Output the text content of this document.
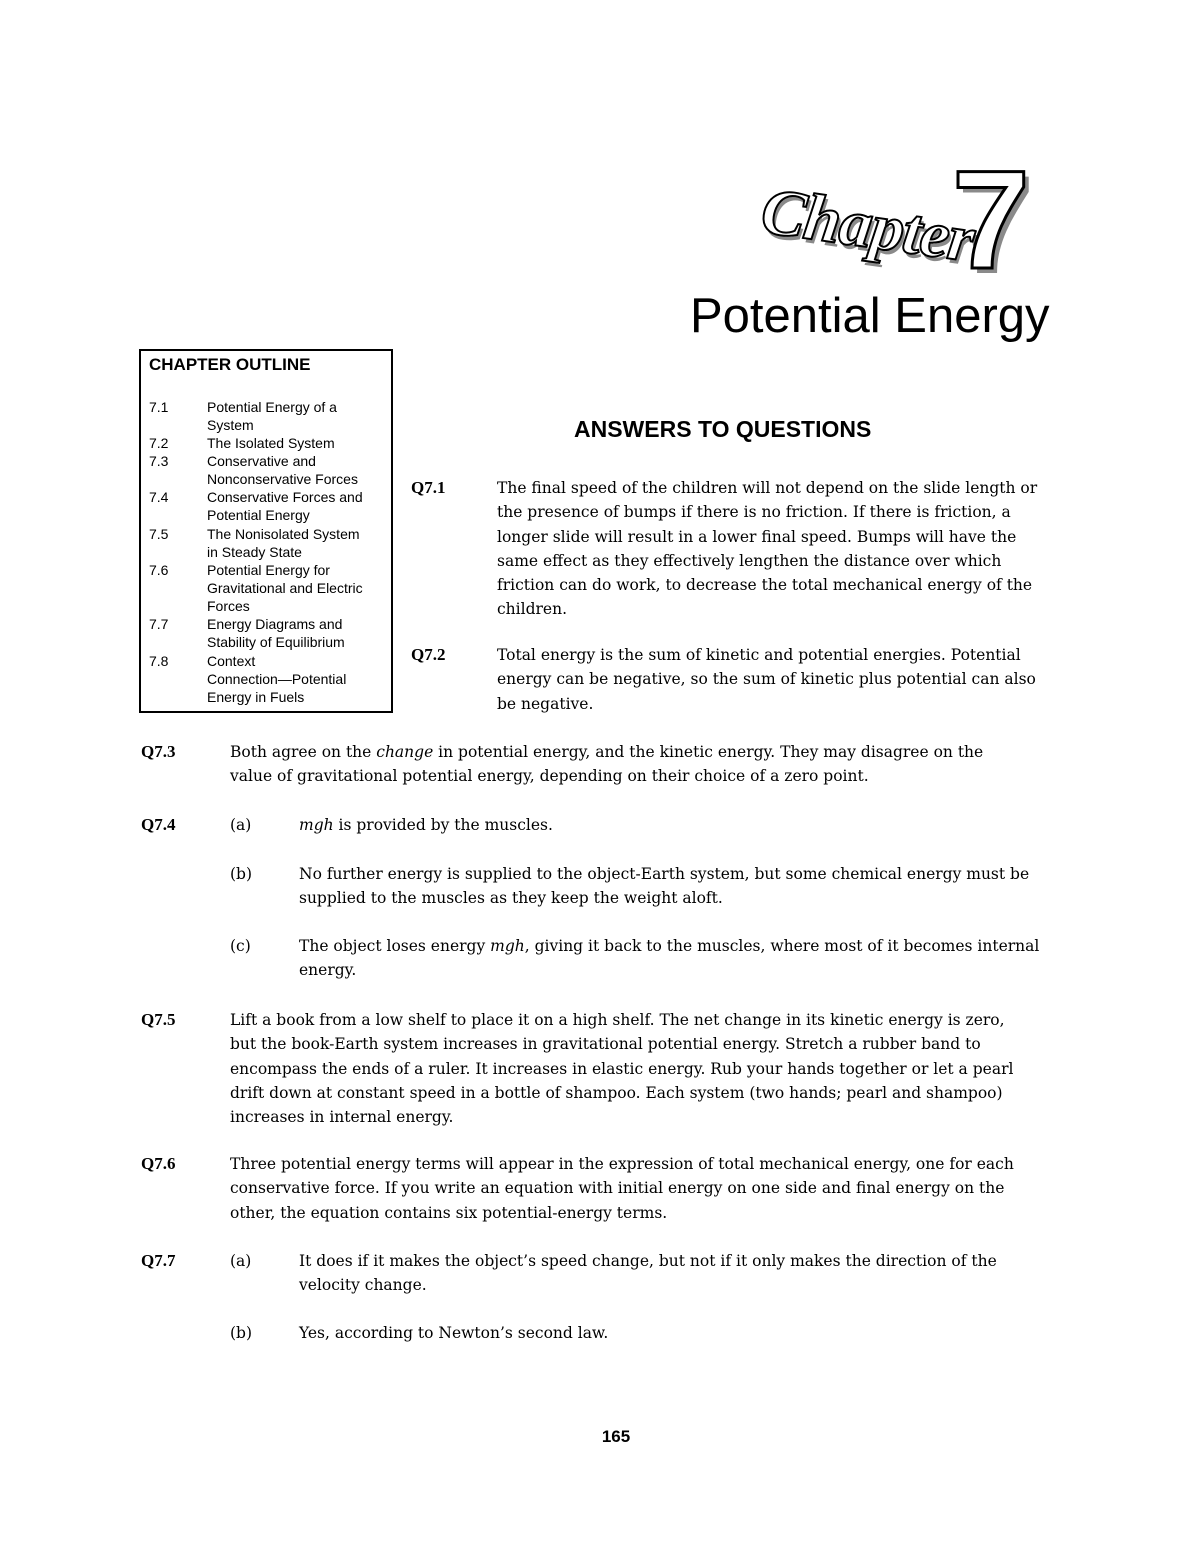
Chapter
7
Potential Energy
CHAPTER OUTLINE
7.1	Potential Energy of a
System
7.2	The Isolated System
7.3	Conservative and
Nonconservative Forces
7.4	Conservative Forces and
Potential Energy
7.5	The Nonisolated System
in Steady State
7.6	Potential Energy for
Gravitational and Electric
Forces
7.7	Energy Diagrams and
Stability of Equilibrium
7.8	Context
Connection—Potential
Energy in Fuels
ANSWERS TO QUESTIONS
Q7.1	The final speed of the children will not depend on the slide length or
the presence of bumps if there is no friction. If there is friction, a
longer slide will result in a lower final speed. Bumps will have the
same effect as they effectively lengthen the distance over which
friction can do work, to decrease the total mechanical energy of the
children.
Q7.2	Total energy is the sum of kinetic and potential energies. Potential
energy can be negative, so the sum of kinetic plus potential can also
be negative.
Q7.3	Both agree on the change in potential energy, and the kinetic energy. They may disagree on the
value of gravitational potential energy, depending on their choice of a zero point.
Q7.4	(a)	mgh is provided by the muscles.
(b)	No further energy is supplied to the object-Earth system, but some chemical energy must be
supplied to the muscles as they keep the weight aloft.
(c)	The object loses energy mgh, giving it back to the muscles, where most of it becomes internal
energy.
Q7.5	Lift a book from a low shelf to place it on a high shelf. The net change in its kinetic energy is zero,
but the book-Earth system increases in gravitational potential energy. Stretch a rubber band to
encompass the ends of a ruler. It increases in elastic energy. Rub your hands together or let a pearl
drift down at constant speed in a bottle of shampoo. Each system (two hands; pearl and shampoo)
increases in internal energy.
Q7.6	Three potential energy terms will appear in the expression of total mechanical energy, one for each
conservative force. If you write an equation with initial energy on one side and final energy on the
other, the equation contains six potential-energy terms.
Q7.7	(a)	It does if it makes the object’s speed change, but not if it only makes the direction of the
velocity change.
(b)	Yes, according to Newton’s second law.
165
